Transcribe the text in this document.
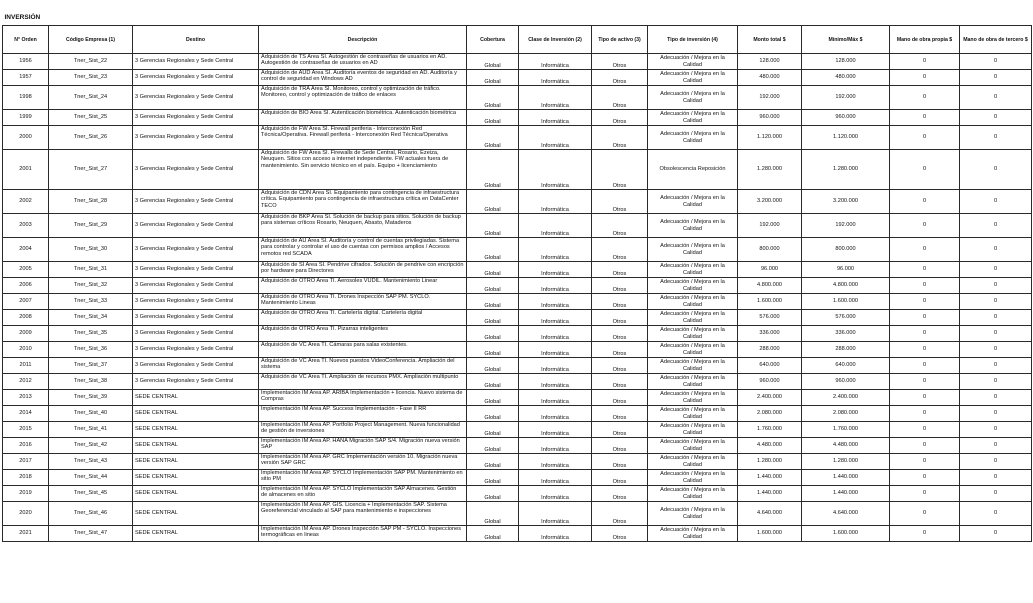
INVERSIÓN											
N° Orden	Código Empresa (1)	Destino	Descripción	Cobertura	Clase de Inversión (2)	Tipo de activo (3)	Tipo de inversión (4)	Monto total $	Mínimo/Máx $	Mano de obra propia $	Mano de obra de tercero $
1956	Tner_Sist_22	3 Gerencias Regionales y Sede Central	Adquisición de TS Area SI. Autogestión de contraseñas de usuarios en AD. Autogestión de contraseñas de usuarios en AD	Global	Informática	Otros	Adecuación / Mejora en la Calidad	128.000	128.000	0	0
1957	Tner_Sist_23	3 Gerencias Regionales y Sede Central	Adquisición de AUD Area SI. Auditoría eventos de seguridad en AD. Auditoría y control de seguridad en Windows AD	Global	Informática	Otros	Adecuación / Mejora en la Calidad	480.000	480.000	0	0
1998	Tner_Sist_24	3 Gerencias Regionales y Sede Central	Adquisición de TRA Area SI. Monitoreo, control y optimización de tráfico. Monitoreo, control y optimización de tráfico de enlaces	Global	Informática	Otros	Adecuación / Mejora en la Calidad	192.000	192.000	0	0
1999	Tner_Sist_25	3 Gerencias Regionales y Sede Central	Adquisición de BIO Area SI. Autenticación biométrica. Autenticación biométrica	Global	Informática	Otros	Adecuación / Mejora en la Calidad	960.000	960.000	0	0
2000	Tner_Sist_26	3 Gerencias Regionales y Sede Central	Adquisición de FW Area SI. Firewall periferia - Interconexión Red Técnica/Operativa. Firewall periferia - Interconexión Red Técnica/Operativa	Global	Informática	Otros	Adecuación / Mejora en la Calidad	1.120.000	1.120.000	0	0
2001	Tner_Sist_27	3 Gerencias Regionales y Sede Central	Adquisición de FW Area SI. Firewalls de Sede Central, Rosario, Ezeiza, Neuquen. Sitios con acceso a internet independiente. FW actuales fuera de mantenimiento. Sin servicio técnico en el país. Equipo + licenciamiento	Global	Informática	Otros	Obsolescencia Reposición	1.280.000	1.280.000	0	0
2002	Tner_Sist_28	3 Gerencias Regionales y Sede Central	Adquisición de CDN Area SI. Equipamiento para contingencia de infraestructura crítica. Equipamiento para contingencia de infraestructura crítica en DataCenter TECO	Global	Informática	Otros	Adecuación / Mejora en la Calidad	3.200.000	3.200.000	0	0
2003	Tner_Sist_29	3 Gerencias Regionales y Sede Central	Adquisición de BKP Area SI. Solución de backup para sitios. Solución de backup para sistemas críticos Rosario, Neuquen, Abasto, Mataderos	Global	Informática	Otros	Adecuación / Mejora en la Calidad	192.000	192.000	0	0
2004	Tner_Sist_30	3 Gerencias Regionales y Sede Central	Adquisición de AU Area SI. Auditoría y control de cuentas privilegiadas. Sistema para controlar y controlar el uso de cuentas con permisos amplios / Accesos remotos red SCADA	Global	Informática	Otros	Adecuación / Mejora en la Calidad	800.000	800.000	0	0
2005	Tner_Sist_31	3 Gerencias Regionales y Sede Central	Adquisición de SI Area SI. Pendrive cifrados. Solución de pendrive con encripción por hardware para Directores	Global	Informática	Otros	Adecuación / Mejora en la Calidad	96.000	96.000	0	0
2006	Tner_Sist_32	3 Gerencias Regionales y Sede Central	Adquisición de OTRO Area TI. Aerosoles VUDIL. Mantenimiento Linear	Global	Informática	Otros	Adecuación / Mejora en la Calidad	4.800.000	4.800.000	0	0
2007	Tner_Sist_33	3 Gerencias Regionales y Sede Central	Adquisición de OTRO Area TI. Drones Inspección SAP PM. SYCLO. Mantenimiento Lineas	Global	Informática	Otros	Adecuación / Mejora en la Calidad	1.600.000	1.600.000	0	0
2008	Tner_Sist_34	3 Gerencias Regionales y Sede Central	Adquisición de OTRO Area TI. Cartelería digital. Cartelería digital	Global	Informática	Otros	Adecuación / Mejora en la Calidad	576.000	576.000	0	0
2009	Tner_Sist_35	3 Gerencias Regionales y Sede Central	Adquisición de OTRO Area TI. Pizarras inteligentes	Global	Informática	Otros	Adecuación / Mejora en la Calidad	336.000	336.000	0	0
2010	Tner_Sist_36	3 Gerencias Regionales y Sede Central	Adquisición de VC Area TI. Cámaras para salas existentes.	Global	Informática	Otros	Adecuación / Mejora en la Calidad	288.000	288.000	0	0
2011	Tner_Sist_37	3 Gerencias Regionales y Sede Central	Adquisición de VC Area TI. Nuevos puestos VideoConferencia. Ampliación del sistema	Global	Informática	Otros	Adecuación / Mejora en la Calidad	640.000	640.000	0	0
2012	Tner_Sist_38	3 Gerencias Regionales y Sede Central	Adquisición de VC Area TI. Ampliación de recursos PMX. Ampliación multipunto	Global	Informática	Otros	Adecuación / Mejora en la Calidad	960.000	960.000	0	0
2013	Tner_Sist_39	SEDE CENTRAL	Implementación IM Area AP. ARIBA Implementación + licencia. Nuevo sistema de Compras	Global	Informática	Otros	Adecuación / Mejora en la Calidad	2.400.000	2.400.000	0	0
2014	Tner_Sist_40	SEDE CENTRAL	Implementación IM Area AP. Success Implementación - Fase II RR	Global	Informática	Otros	Adecuación / Mejora en la Calidad	2.080.000	2.080.000	0	0
2015	Tner_Sist_41	SEDE CENTRAL	Implementación IM Area AP. Portfolio Project Management. Nueva funcionalidad de gestión de inversiones	Global	Informática	Otros	Adecuación / Mejora en la Calidad	1.760.000	1.760.000	0	0
2016	Tner_Sist_42	SEDE CENTRAL	Implementación IM Area AP. HANA Migración SAP S/4. Migración nueva versión SAP	Global	Informática	Otros	Adecuación / Mejora en la Calidad	4.480.000	4.480.000	0	0
2017	Tner_Sist_43	SEDE CENTRAL	Implementación IM Area AP. GRC Implementación versión 10. Migración nueva versión SAP GRC	Global	Informática	Otros	Adecuación / Mejora en la Calidad	1.280.000	1.280.000	0	0
2018	Tner_Sist_44	SEDE CENTRAL	Implementación IM Area AP. SYCLO Implementación SAP PM. Mantenimiento en sitio PM	Global	Informática	Otros	Adecuación / Mejora en la Calidad	1.440.000	1.440.000	0	0
2019	Tner_Sist_45	SEDE CENTRAL	Implementación IM Area AP. SYCLO Implementación SAP Almacenes. Gestión de almacenes en sitio	Global	Informática	Otros	Adecuación / Mejora en la Calidad	1.440.000	1.440.000	0	0
2020	Tner_Sist_46	SEDE CENTRAL	Implementación IM Area AP. GIS. Licencia + Implementación SAP. Sistema Georeferencial vinculado al SAP para mantenimiento e inspecciones	Global	Informática	Otros	Adecuación / Mejora en la Calidad	4.640.000	4.640.000	0	0
2021	Tner_Sist_47	SEDE CENTRAL	Implementación IM Area AP. Drones Inspección SAP PM - SYCLO. Inspecciones termográficas en lineas	Global	Informática	Otros	Adecuación / Mejora en la Calidad	1.600.000	1.600.000	0	0
